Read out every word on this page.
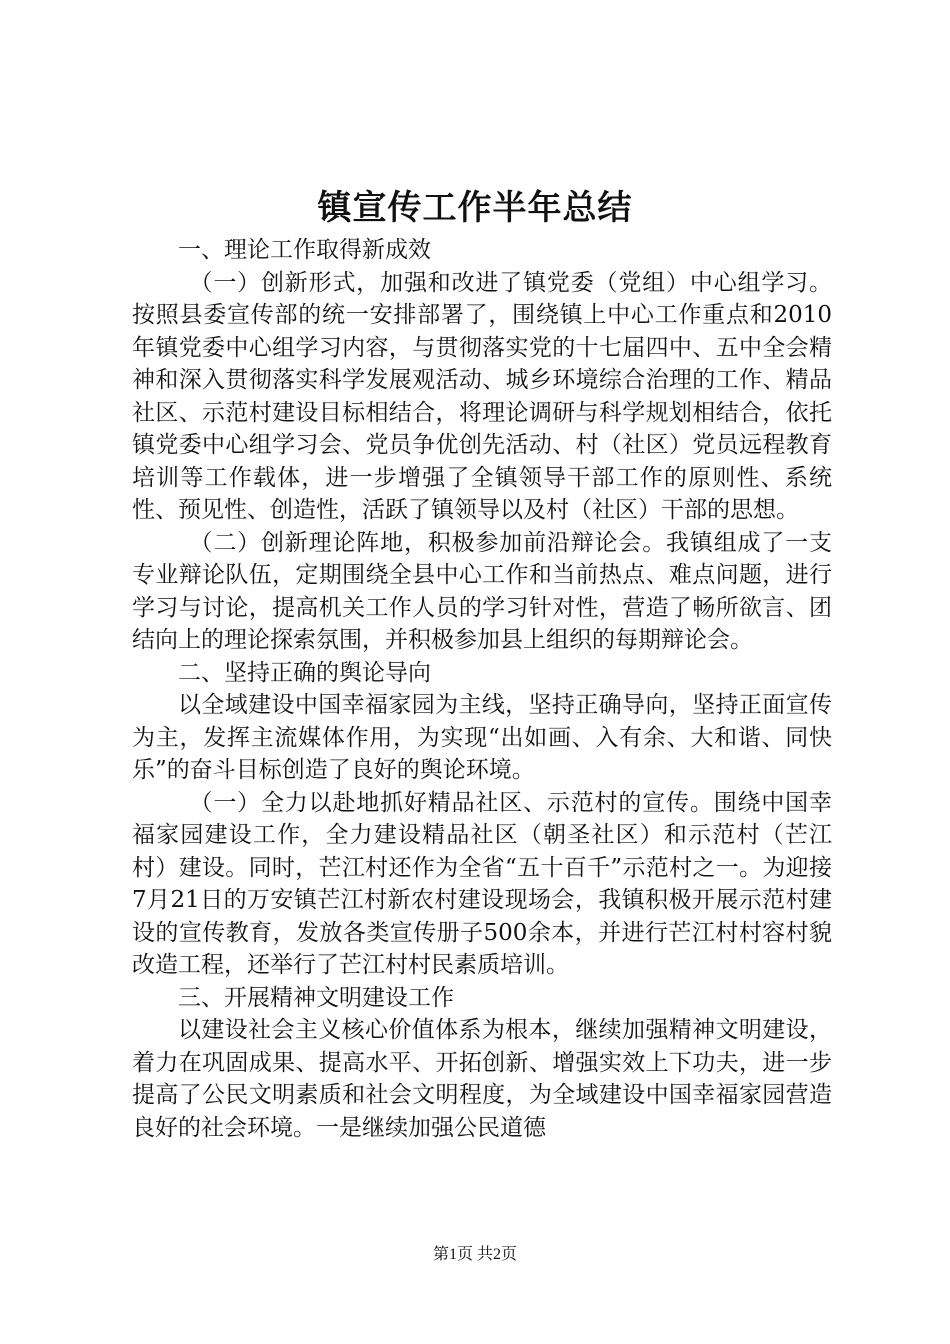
镇宣传工作半年总结

一、理论工作取得新成效

（一）创新形式，加强和改进了镇党委（党组）中心组学习。按照县委宣传部的统一安排部署了，围绕镇上中心工作重点和2010年镇党委中心组学习内容，与贯彻落实党的十七届四中、五中全会精神和深入贯彻落实科学发展观活动、城乡环境综合治理的工作、精品社区、示范村建设目标相结合，将理论调研与科学规划相结合，依托镇党委中心组学习会、党员争优创先活动、村（社区）党员远程教育培训等工作载体，进一步增强了全镇领导干部工作的原则性、系统性、预见性、创造性，活跃了镇领导以及村（社区）干部的思想。

（二）创新理论阵地，积极参加前沿辩论会。我镇组成了一支专业辩论队伍，定期围绕全县中心工作和当前热点、难点问题，进行学习与讨论，提高机关工作人员的学习针对性，营造了畅所欲言、团结向上的理论探索氛围，并积极参加县上组织的每期辩论会。

二、坚持正确的舆论导向

以全域建设中国幸福家园为主线，坚持正确导向，坚持正面宣传为主，发挥主流媒体作用，为实现“出如画、入有余、大和谐、同快乐”的奋斗目标创造了良好的舆论环境。

（一）全力以赴地抓好精品社区、示范村的宣传。围绕中国幸福家园建设工作，全力建设精品社区（朝圣社区）和示范村（芒江村）建设。同时，芒江村还作为全省“五十百千”示范村之一。为迎接7月21日的万安镇芒江村新农村建设现场会，我镇积极开展示范村建设的宣传教育，发放各类宣传册子500余本，并进行芒江村村容村貌改造工程，还举行了芒江村村民素质培训。

三、开展精神文明建设工作

以建设社会主义核心价值体系为根本，继续加强精神文明建设，着力在巩固成果、提高水平、开拓创新、增强实效上下功夫，进一步提高了公民文明素质和社会文明程度，为全域建设中国幸福家园营造良好的社会环境。一是继续加强公民道德

第1页 共2页
